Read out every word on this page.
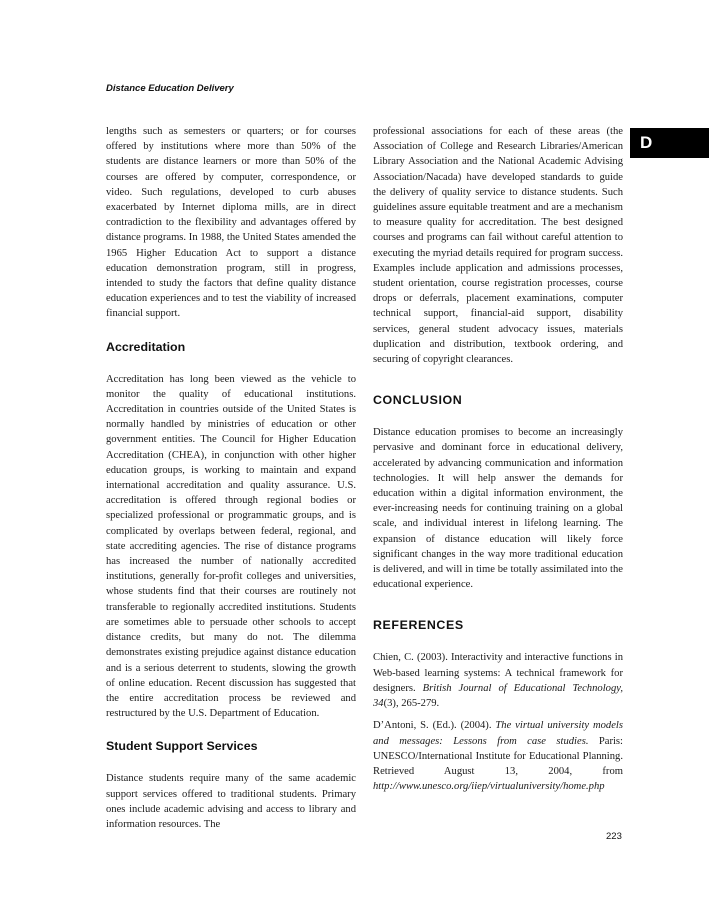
Distance Education Delivery
D

lengths such as semesters or quarters; or for courses offered by institutions where more than 50% of the students are distance learners or more than 50% of the courses are offered by computer, correspondence, or video. Such regulations, developed to curb abuses exacerbated by Internet diploma mills, are in direct contradiction to the flexibility and advantages offered by distance programs. In 1988, the United States amended the 1965 Higher Education Act to support a distance education demonstration program, still in progress, intended to study the factors that define quality distance education experiences and to test the viability of increased financial support.

Accreditation

Accreditation has long been viewed as the vehicle to monitor the quality of educational institutions. Accreditation in countries outside of the United States is normally handled by ministries of education or other government entities. The Council for Higher Education Accreditation (CHEA), in conjunction with other higher education groups, is working to maintain and expand international accreditation and quality assurance. U.S. accreditation is offered through regional bodies or specialized professional or programmatic groups, and is complicated by overlaps between federal, regional, and state accrediting agencies. The rise of distance programs has increased the number of nationally accredited institutions, generally for-profit colleges and universities, whose students find that their courses are routinely not transferable to regionally accredited institutions. Students are sometimes able to persuade other schools to accept distance credits, but many do not. The dilemma demonstrates existing prejudice against distance education and is a serious deterrent to students, slowing the growth of online education. Recent discussion has suggested that the entire accreditation process be reviewed and restructured by the U.S. Department of Education.

Student Support Services

Distance students require many of the same academic support services offered to traditional students. Primary ones include academic advising and access to library and information resources. The

professional associations for each of these areas (the Association of College and Research Libraries/American Library Association and the National Academic Advising Association/Nacada) have developed standards to guide the delivery of quality service to distance students. Such guidelines assure equitable treatment and are a mechanism to measure quality for accreditation. The best designed courses and programs can fail without careful attention to executing the myriad details required for program success. Examples include application and admissions processes, student orientation, course registration processes, course drops or deferrals, placement examinations, computer technical support, financial-aid support, disability services, general student advocacy issues, materials duplication and distribution, textbook ordering, and securing of copyright clearances.

CONCLUSION

Distance education promises to become an increasingly pervasive and dominant force in educational delivery, accelerated by advancing communication and information technologies. It will help answer the demands for education within a digital information environment, the ever-increasing needs for continuing training on a global scale, and individual interest in lifelong learning. The expansion of distance education will likely force significant changes in the way more traditional education is delivered, and will in time be totally assimilated into the educational experience.

REFERENCES

Chien, C. (2003). Interactivity and interactive functions in Web-based learning systems: A technical framework for designers. British Journal of Educational Technology, 34(3), 265-279.

D’Antoni, S. (Ed.). (2004). The virtual university models and messages: Lessons from case studies. Paris: UNESCO/International Institute for Educational Planning. Retrieved August 13, 2004, from http://www.unesco.org/iiep/virtualuniversity/home.php

223
